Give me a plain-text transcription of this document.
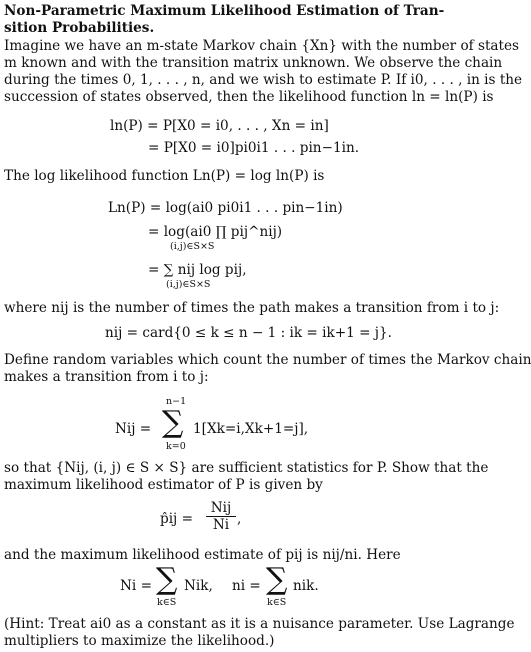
Non-Parametric Maximum Likelihood Estimation of Tran-
sition Probabilities.
Imagine we have an m-state Markov chain {Xn} with the number of states
m known and with the transition matrix unknown. We observe the chain
during the times 0, 1, . . . , n, and we wish to estimate P. If i0, . . . , in is the
succession of states observed, then the likelihood function ln = ln(P) is
ln(P) = P[X0 = i0, . . . , Xn = in]
= P[X0 = i0]pi0i1 . . . pin−1in.
The log likelihood function Ln(P) = log ln(P) is
Ln(P) = log(ai0 pi0i1 . . . pin−1in)
= log(ai0 ∏ pij^nij)
(i,j)∈S×S
= ∑ nij log pij,
(i,j)∈S×S
where nij is the number of times the path makes a transition from i to j:
nij = card{0 ≤ k ≤ n − 1 : ik = ik+1 = j}.
Define random variables which count the number of times the Markov chain
makes a transition from i to j:
Nij =
n−1
∑
k=0
1[Xk=i,Xk+1=j],
so that {Nij, (i, j) ∈ S × S} are sufficient statistics for P. Show that the
maximum likelihood estimator of P is given by
p̂ij =
Nij
Ni ,
and the maximum likelihood estimate of pij is nij/ni. Here
Ni = ∑
k∈S
Nik, ni = ∑
k∈S
nik.
(Hint: Treat ai0 as a constant as it is a nuisance parameter. Use Lagrange
multipliers to maximize the likelihood.)
